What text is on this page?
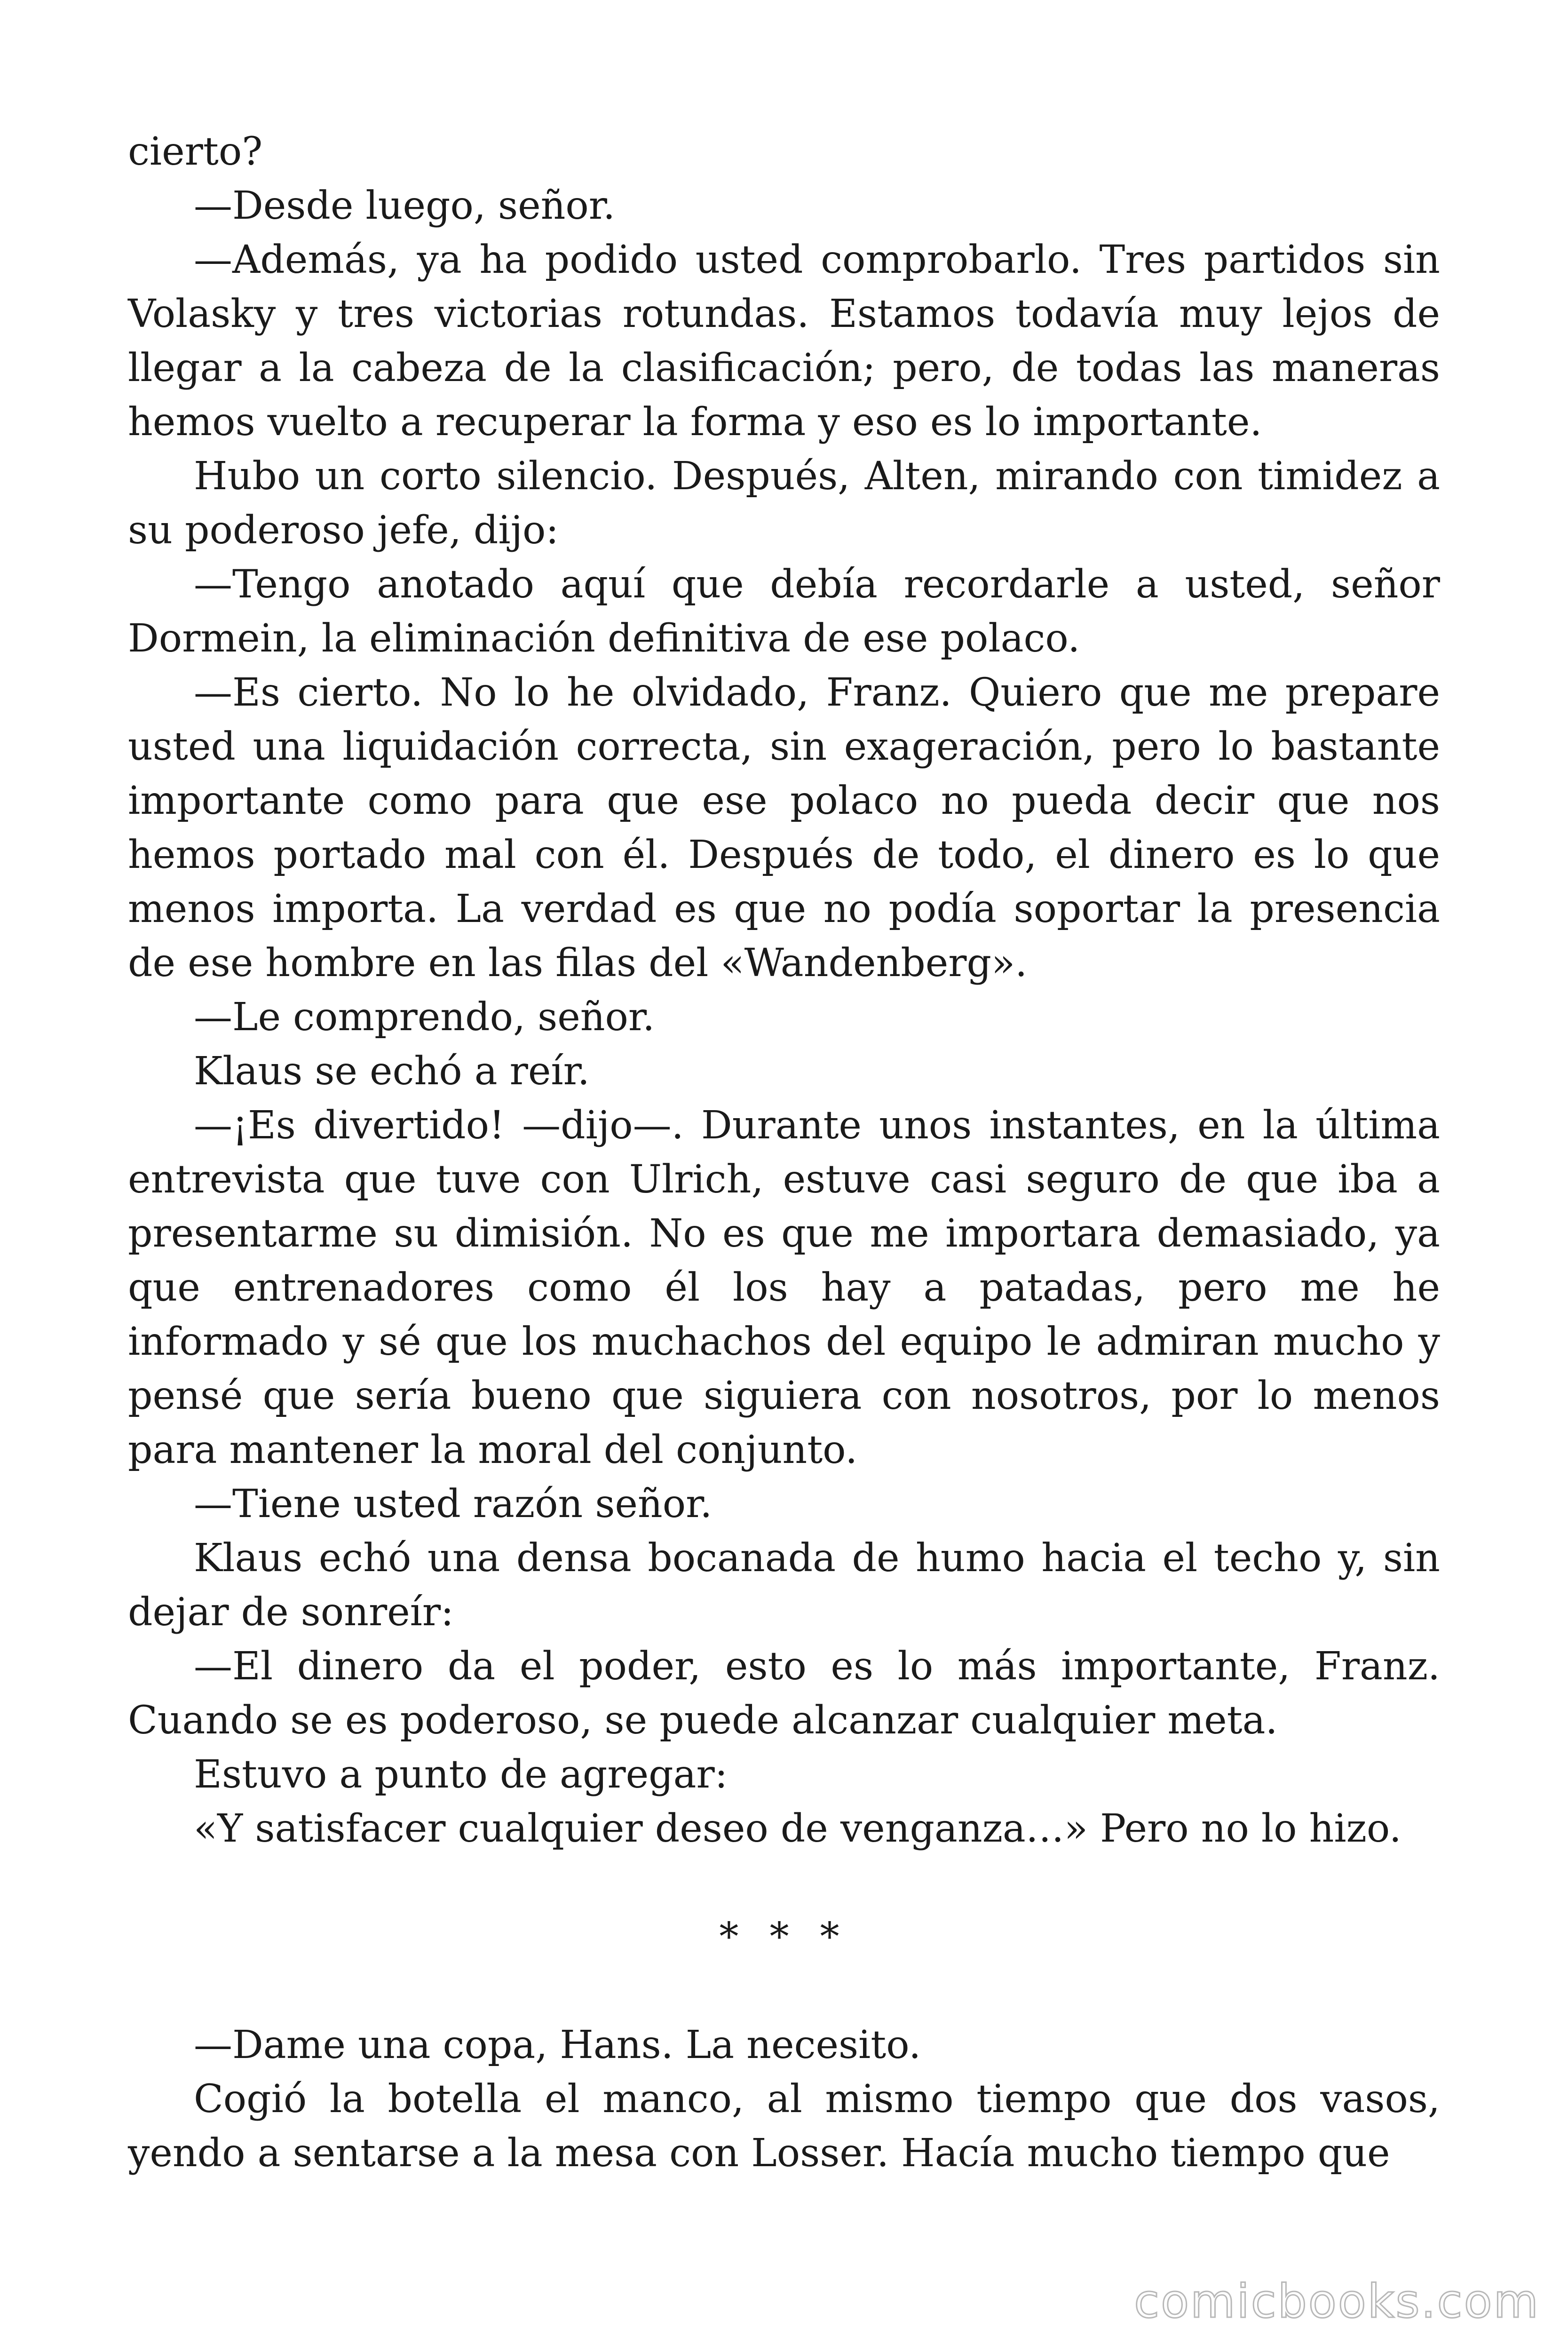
cierto?

—Desde luego, señor.

—Además, ya ha podido usted comprobarlo. Tres partidos sin Volasky y tres victorias rotundas. Estamos todavía muy lejos de llegar a la cabeza de la clasificación; pero, de todas las maneras hemos vuelto a recuperar la forma y eso es lo importante.

Hubo un corto silencio. Después, Alten, mirando con timidez a su poderoso jefe, dijo:

—Tengo anotado aquí que debía recordarle a usted, señor Dormein, la eliminación definitiva de ese polaco.

—Es cierto. No lo he olvidado, Franz. Quiero que me prepare usted una liquidación correcta, sin exageración, pero lo bastante importante como para que ese polaco no pueda decir que nos hemos portado mal con él. Después de todo, el dinero es lo que menos importa. La verdad es que no podía soportar la presencia de ese hombre en las filas del «Wandenberg».

—Le comprendo, señor.

Klaus se echó a reír.

—¡Es divertido! —dijo—. Durante unos instantes, en la última entrevista que tuve con Ulrich, estuve casi seguro de que iba a presentarme su dimisión. No es que me importara demasiado, ya que entrenadores como él los hay a patadas, pero me he informado y sé que los muchachos del equipo le admiran mucho y pensé que sería bueno que siguiera con nosotros, por lo menos para mantener la moral del conjunto.

—Tiene usted razón señor.

Klaus echó una densa bocanada de humo hacia el techo y, sin dejar de sonreír:

—El dinero da el poder, esto es lo más importante, Franz. Cuando se es poderoso, se puede alcanzar cualquier meta.

Estuvo a punto de agregar:

«Y satisfacer cualquier deseo de venganza…» Pero no lo hizo.

* * *

—Dame una copa, Hans. La necesito.

Cogió la botella el manco, al mismo tiempo que dos vasos, yendo a sentarse a la mesa con Losser. Hacía mucho tiempo que

comicbooks.com
